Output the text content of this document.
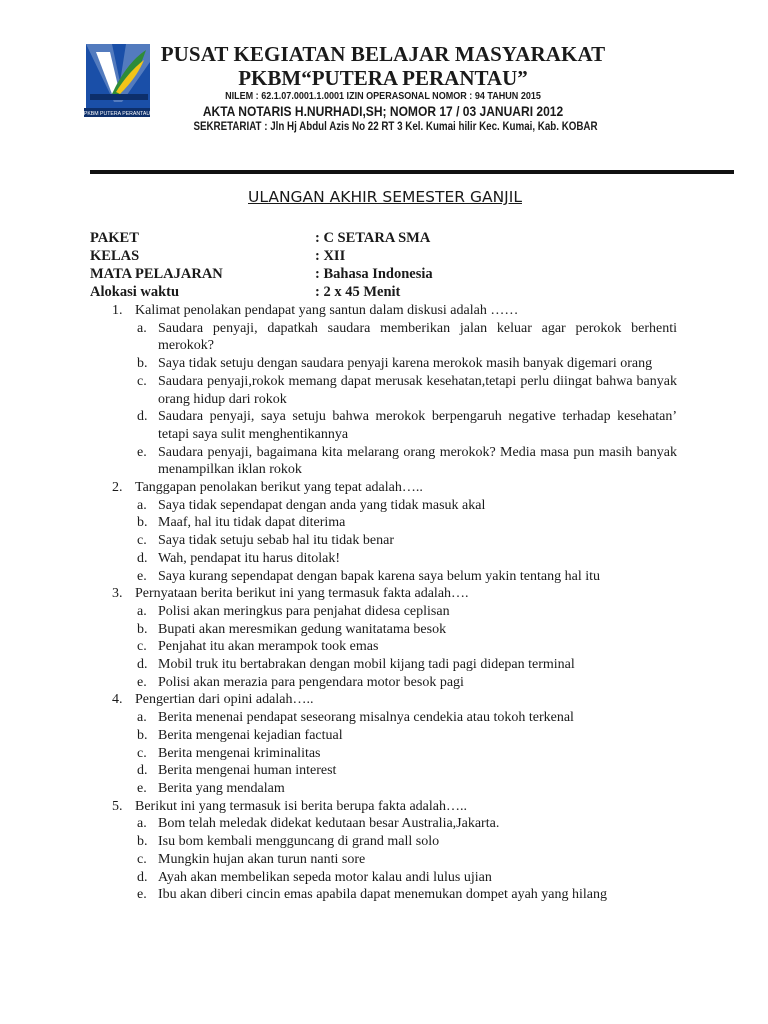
PKBM PUTERA PERANTAU
PUSAT KEGIATAN BELAJAR MASYARAKAT
PKBM“PUTERA PERANTAU”
NILEM : 62.1.07.0001.1.0001 IZIN OPERASONAL NOMOR : 94 TAHUN 2015
AKTA NOTARIS H.NURHADI,SH; NOMOR 17 / 03 JANUARI 2012
SEKRETARIAT : Jln Hj Abdul Azis No 22 RT 3 Kel. Kumai hilir Kec. Kumai, Kab. KOBAR
ULANGAN AKHIR SEMESTER GANJIL
PAKET	: C SETARA SMA
KELAS	: XII
MATA PELAJARAN	: Bahasa Indonesia
Alokasi waktu	: 2 x 45 Menit
1. Kalimat penolakan pendapat yang santun dalam diskusi adalah ……
a. Saudara penyaji, dapatkah saudara memberikan jalan keluar agar perokok berhenti merokok?
b. Saya tidak setuju dengan saudara penyaji karena merokok masih banyak digemari orang
c. Saudara penyaji,rokok memang dapat merusak kesehatan,tetapi perlu diingat bahwa banyak orang hidup dari rokok
d. Saudara penyaji, saya setuju bahwa merokok berpengaruh negative terhadap kesehatan’ tetapi saya sulit menghentikannya
e. Saudara penyaji, bagaimana kita melarang orang merokok? Media masa pun masih banyak menampilkan iklan rokok
2. Tanggapan penolakan berikut yang tepat adalah…..
a. Saya tidak sependapat dengan anda yang tidak masuk akal
b. Maaf, hal itu tidak dapat diterima
c. Saya tidak setuju sebab hal itu tidak benar
d. Wah, pendapat itu harus ditolak!
e. Saya kurang sependapat dengan bapak karena saya belum yakin tentang hal itu
3. Pernyataan berita berikut ini yang termasuk fakta adalah….
a. Polisi akan meringkus para penjahat didesa ceplisan
b. Bupati akan meresmikan gedung wanitatama besok
c. Penjahat itu akan merampok took emas
d. Mobil truk itu bertabrakan dengan mobil kijang tadi pagi didepan terminal
e. Polisi akan merazia para pengendara motor besok pagi
4. Pengertian dari opini adalah…..
a. Berita menenai pendapat seseorang misalnya cendekia atau tokoh terkenal
b. Berita mengenai kejadian factual
c. Berita mengenai kriminalitas
d. Berita mengenai human interest
e. Berita yang mendalam
5. Berikut ini yang termasuk isi berita berupa fakta adalah…..
a. Bom telah meledak didekat kedutaan besar Australia,Jakarta.
b. Isu bom kembali mengguncang di grand mall solo
c. Mungkin hujan akan turun nanti sore
d. Ayah akan membelikan sepeda motor kalau andi lulus ujian
e. Ibu akan diberi cincin emas apabila dapat menemukan dompet ayah yang hilang
